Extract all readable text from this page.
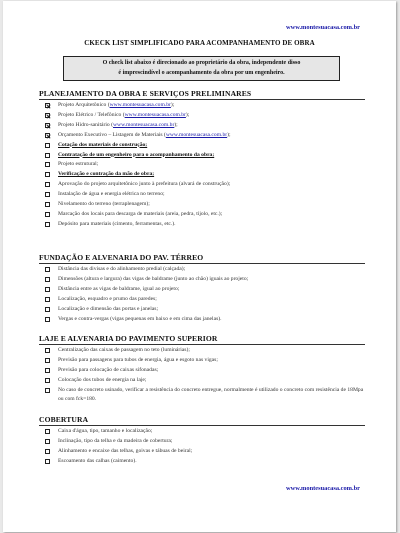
www.montesuacasa.com.br
CKECK LIST SIMPLIFICADO PARA ACOMPANHAMENTO DE OBRA
O check list abaixo é direcionado ao proprietário da obra, independente disso
é imprescindível o acompanhamento da obra por um engenheiro.
PLANEJAMENTO DA OBRA E SERVIÇOS PRELIMINARES
Projeto Arquitetônico (www.montesuacasa.com.br);
Projeto Elétrico / Telefônico (www.montesuacasa.com.br);
Projeto Hidro-sanitário (www.montesuacasa.com.br);
Orçamento Executivo – Listagem de Materiais (www.montesuacasa.com.br);
Cotação dos materiais de construção;
Contratação de um engenheiro para o acompanhamento da obra;
Projeto estrutural;
Verificação e contração da mão de obra;
Aprovação do projeto arquitetônico junto à prefeitura (alvará de construção);
Instalação de água e energia elétrica no terreno;
Nivelamento do terreno (terraplenagem);
Marcação dos locais para descarga de materiais (areia, pedra, tijolo, etc.);
Depósito para materiais (cimento, ferramentas, etc.).
FUNDAÇÃO E ALVENARIA DO PAV. TÉRREO
Distância das divisas e do alinhamento predial (calçada);
Dimensões (altura e largura) das vigas de baldrame (junto ao chão) iguais ao projeto;
Distância entre as vigas de baldrame, igual ao projeto;
Localização, esquadro e prumo das paredes;
Localização e dimensão das portas e janelas;
Vergas e contra-vergas (vigas pequenas em baixo e em cima das janelas).
LAJE E ALVENARIA DO PAVIMENTO SUPERIOR
Centralização das caixas de passagem no teto (luminárias);
Previsão para passagens para tubos de energia, água e esgoto nas vigas;
Previsão para colocação de caixas sifonadas;
Colocação dos tubos de energia na laje;
No caso de concreto usinado, verificar a resistência do concreto entregue, normalmente é utilizado o concreto com resistência de 18Mpa ou com fck=180.
COBERTURA
Caixa d'água, tipo, tamanho e localização;
Inclinação, tipo da telha e da madeira de cobertura;
Alinhamento e encaixe das telhas, goivas e tábuas de beiral;
Escoamento das calhas (caimento).
www.montesuacasa.com.br
